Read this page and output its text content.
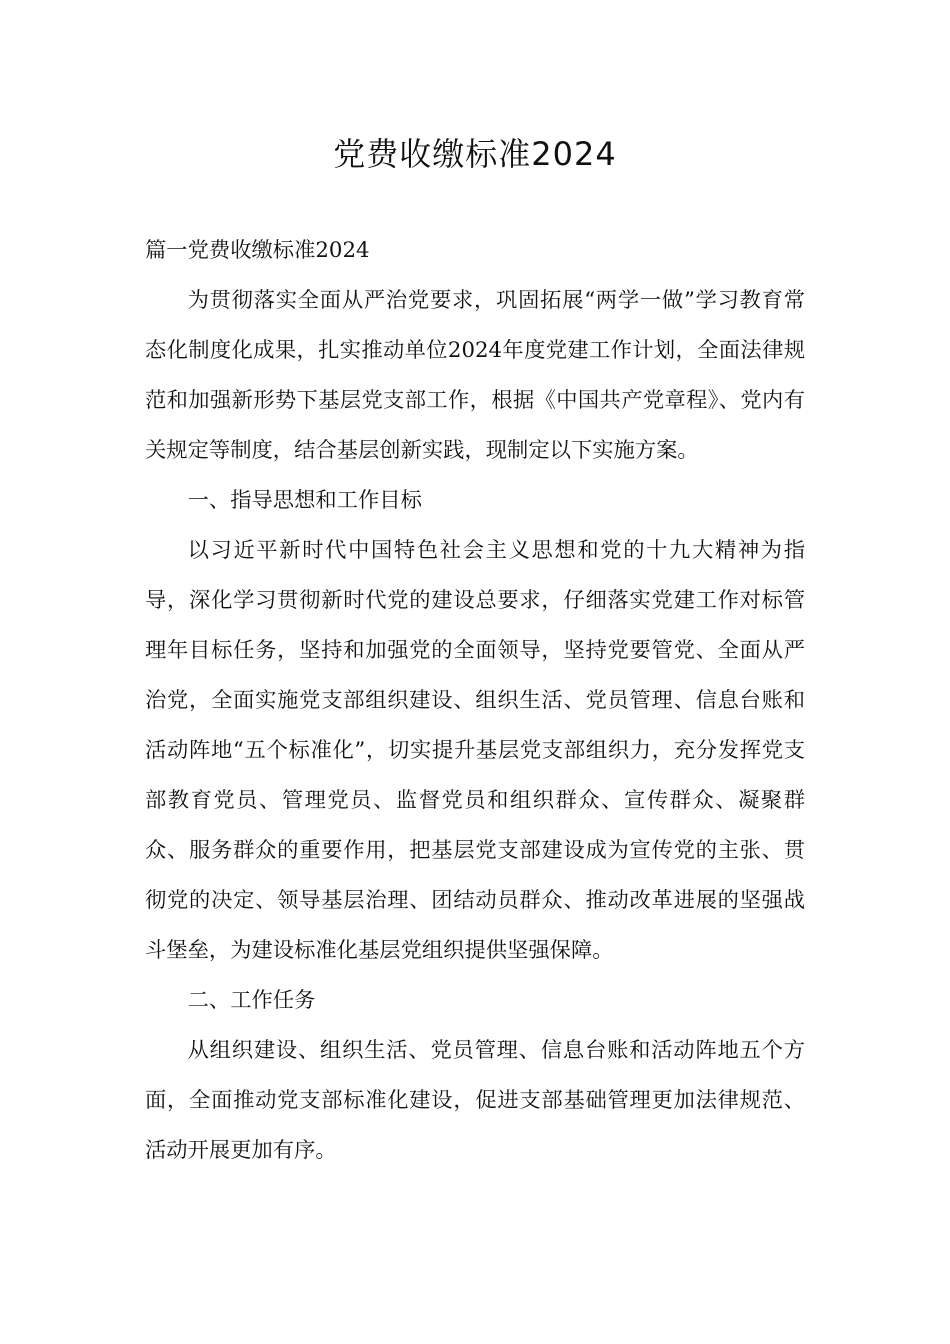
党费收缴标准2024

篇一党费收缴标准2024

为贯彻落实全面从严治党要求，巩固拓展“两学一做”学习教育常态化制度化成果，扎实推动单位2024年度党建工作计划，全面法律规范和加强新形势下基层党支部工作，根据《中国共产党章程》、党内有关规定等制度，结合基层创新实践，现制定以下实施方案。

一、指导思想和工作目标

以习近平新时代中国特色社会主义思想和党的十九大精神为指导，深化学习贯彻新时代党的建设总要求，仔细落实党建工作对标管理年目标任务，坚持和加强党的全面领导，坚持党要管党、全面从严治党，全面实施党支部组织建设、组织生活、党员管理、信息台账和活动阵地“五个标准化”，切实提升基层党支部组织力，充分发挥党支部教育党员、管理党员、监督党员和组织群众、宣传群众、凝聚群众、服务群众的重要作用，把基层党支部建设成为宣传党的主张、贯彻党的决定、领导基层治理、团结动员群众、推动改革进展的坚强战斗堡垒，为建设标准化基层党组织提供坚强保障。

二、工作任务

从组织建设、组织生活、党员管理、信息台账和活动阵地五个方面，全面推动党支部标准化建设，促进支部基础管理更加法律规范、活动开展更加有序。
